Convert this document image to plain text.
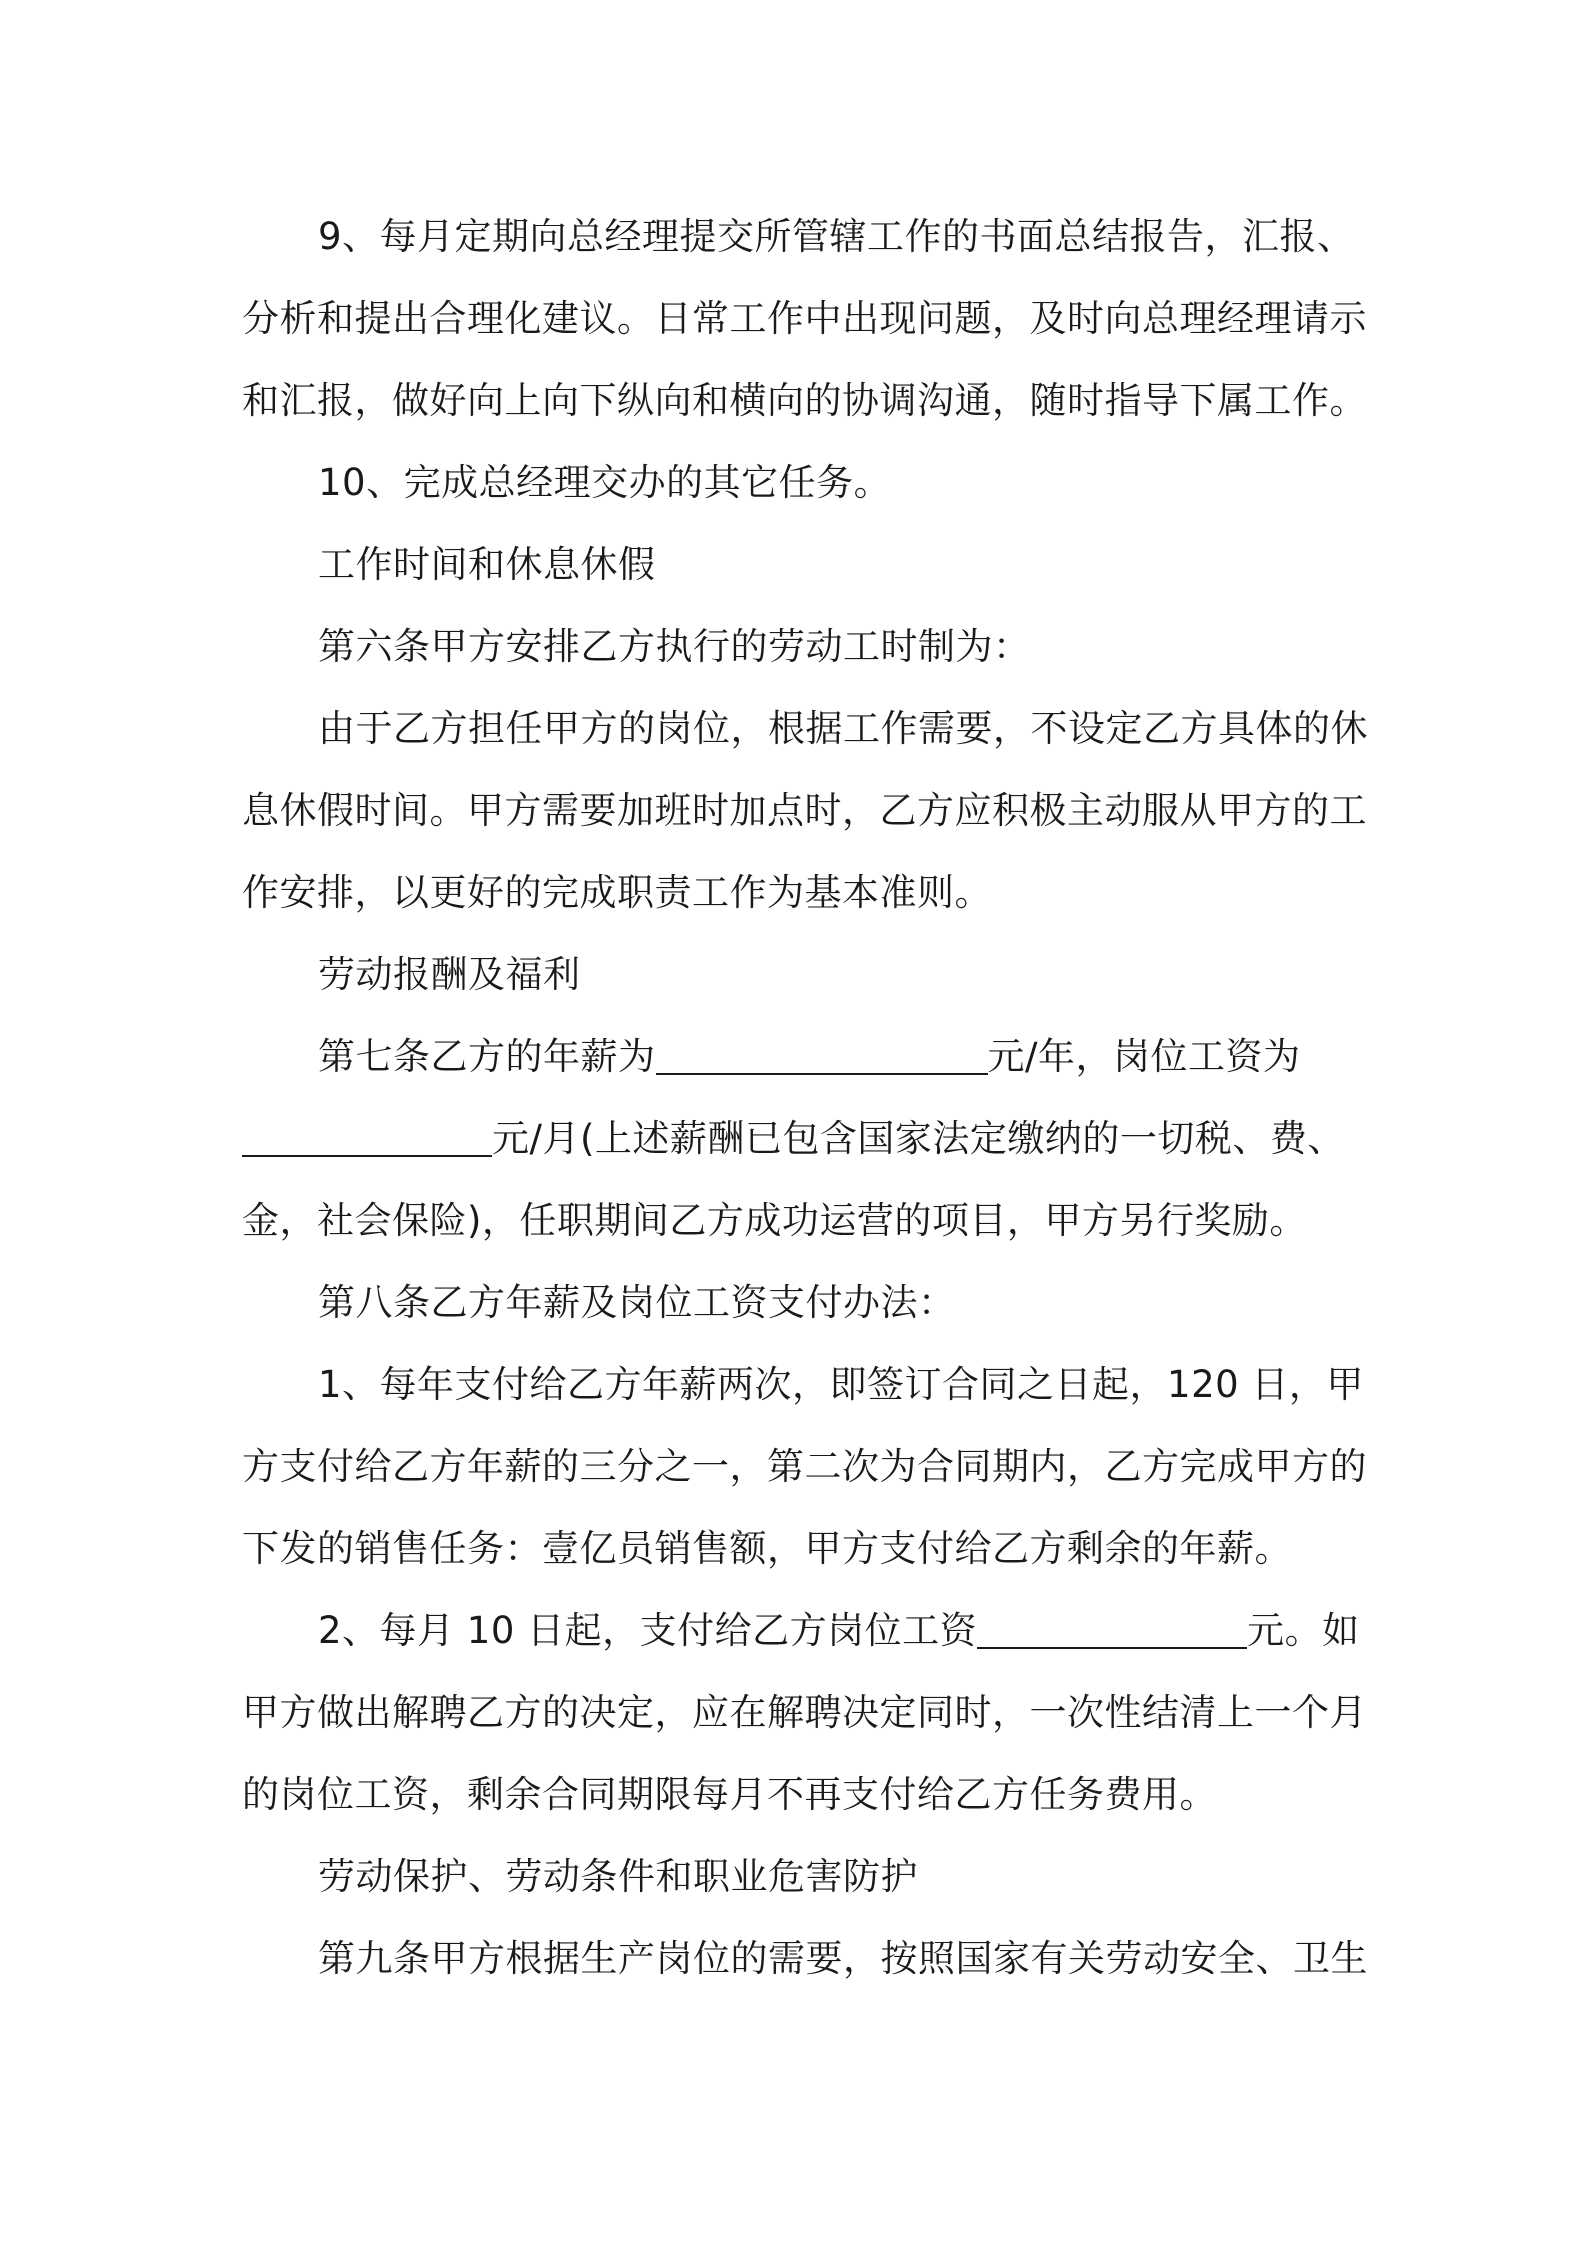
9、每月定期向总经理提交所管辖工作的书面总结报告，汇报、
分析和提出合理化建议。日常工作中出现问题，及时向总理经理请示
和汇报，做好向上向下纵向和横向的协调沟通，随时指导下属工作。
10、完成总经理交办的其它任务。
工作时间和休息休假
第六条甲方安排乙方执行的劳动工时制为：
由于乙方担任甲方的岗位，根据工作需要，不设定乙方具体的休
息休假时间。甲方需要加班时加点时，乙方应积极主动服从甲方的工
作安排，以更好的完成职责工作为基本准则。
劳动报酬及福利
第七条乙方的年薪为	元/年，岗位工资为
元/月(上述薪酬已包含国家法定缴纳的一切税、费、
金，社会保险)，任职期间乙方成功运营的项目，甲方另行奖励。
第八条乙方年薪及岗位工资支付办法：
1、每年支付给乙方年薪两次，即签订合同之日起，120 日，甲
方支付给乙方年薪的三分之一，第二次为合同期内，乙方完成甲方的
下发的销售任务：壹亿员销售额，甲方支付给乙方剩余的年薪。
2、每月 10 日起，支付给乙方岗位工资	元。如
甲方做出解聘乙方的决定，应在解聘决定同时，一次性结清上一个月
的岗位工资，剩余合同期限每月不再支付给乙方任务费用。
劳动保护、劳动条件和职业危害防护
第九条甲方根据生产岗位的需要，按照国家有关劳动安全、卫生
